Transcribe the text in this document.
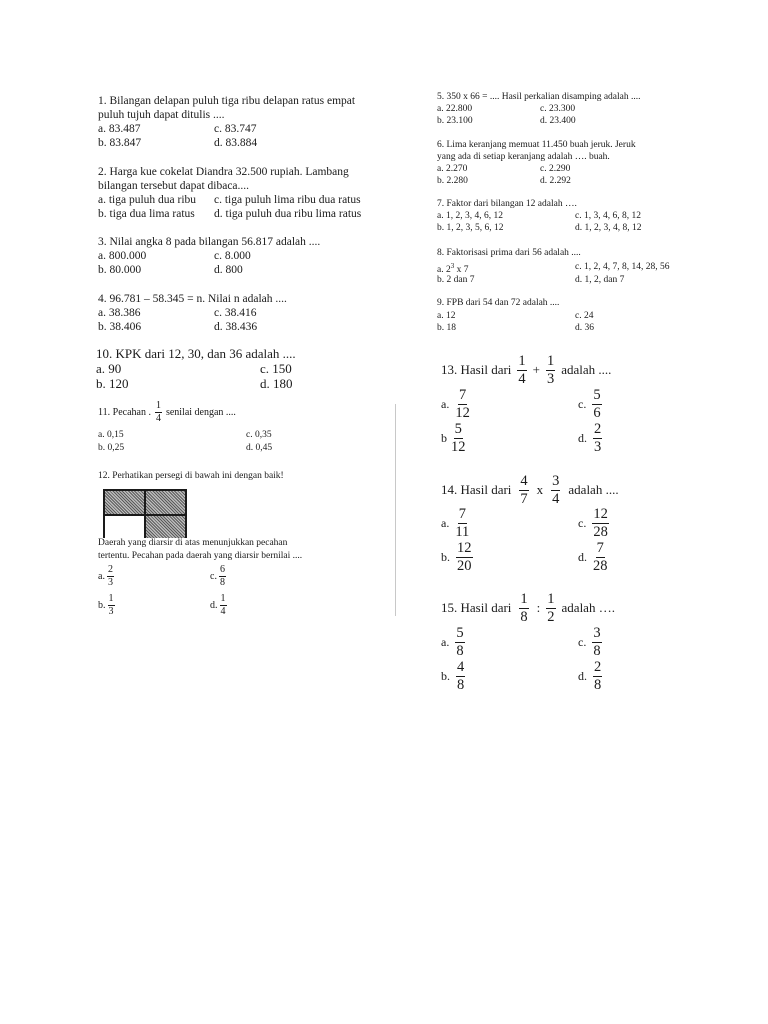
1. Bilangan delapan puluh tiga ribu delapan ratus empat
puluh tujuh dapat ditulis ....
a. 83.487	c. 83.747
b. 83.847	d. 83.884
2. Harga kue cokelat Diandra 32.500 rupiah. Lambang
bilangan tersebut dapat dibaca....
a. tiga puluh dua ribu c. tiga puluh lima ribu dua ratus
b. tiga dua lima ratus d. tiga puluh dua ribu lima ratus
3. Nilai angka 8 pada bilangan 56.817 adalah ....
a. 800.000	c. 8.000
b. 80.000	d. 800
4. 96.781 – 58.345 = n. Nilai n adalah ....
a. 38.386	c. 38.416
b. 38.406	d. 38.436
10. KPK dari 12, 30, dan 36 adalah ....
a. 90	c. 150
b. 120	d. 180
11. Pecahan . $\frac{1}{4}$ senilai dengan ....
a. 0,15	c. 0,35
b. 0,25	d. 0,45
12. Perhatikan persegi di bawah ini dengan baik!
Daerah yang diarsir di atas menunjukkan pecahan
tertentu. Pecahan pada daerah yang diarsir bernilai ....
a. $\frac{2}{3}$	c. $\frac{6}{8}$
b. $\frac{1}{3}$	d. $\frac{1}{4}$
5. 350 x 66 = .... Hasil perkalian disamping adalah ....
a. 22.800	c. 23.300
b. 23.100	d. 23.400
6. Lima keranjang memuat 11.450 buah jeruk. Jeruk
yang ada di setiap keranjang adalah …. buah.
a. 2.270	c. 2.290
b. 2.280	d. 2.292
7. Faktor dari bilangan 12 adalah ….
a. 1, 2, 3, 4, 6, 12	c. 1, 3, 4, 6, 8, 12
b. 1, 2, 3, 5, 6, 12	d. 1, 2, 3, 4, 8, 12
8. Faktorisasi prima dari 56 adalah ....
a. $2^3$ x 7	c. 1, 2, 4, 7, 8, 14, 28, 56
b. 2 dan 7	d. 1, 2, dan 7
9. FPB dari 54 dan 72 adalah ....
a. 12	c. 24
b. 18	d. 36
13. Hasil dari $\frac{1}{4} + \frac{1}{3}$ adalah ....
a. $\frac{7}{12}$	c. $\frac{5}{6}$
b $\frac{5}{12}$	d. $\frac{2}{3}$
14. Hasil dari $\frac{4}{7}$ x $\frac{3}{4}$ adalah ....
a. $\frac{7}{11}$	c. $\frac{12}{28}$
b. $\frac{12}{20}$	d. $\frac{7}{28}$
15. Hasil dari $\frac{1}{8}$ : $\frac{1}{2}$ adalah ….
a. $\frac{5}{8}$	c. $\frac{3}{8}$
b. $\frac{4}{8}$	d. $\frac{2}{8}$
